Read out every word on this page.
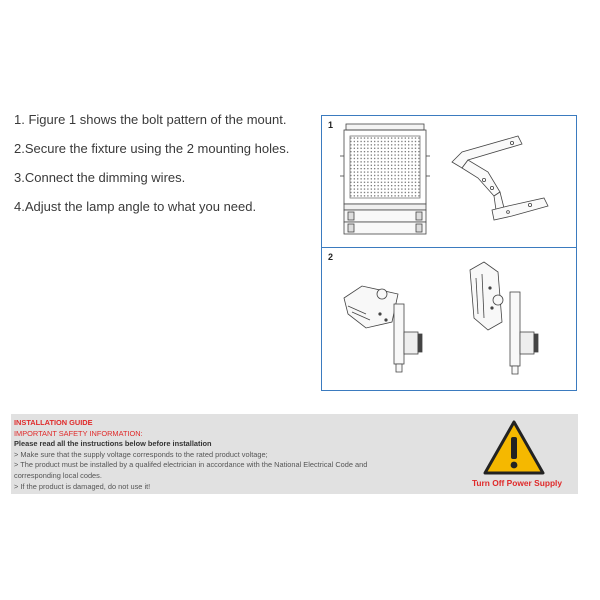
1. Figure 1 shows the bolt pattern of the mount.

2.Secure the fixture using the 2 mounting holes.

3.Connect the dimming wires.

4.Adjust the lamp angle to what you need.

1
2
INSTALLATION GUIDE
IMPORTANT SAFETY INFORMATION:
Please read all the instructions below before installation
> Make sure that the supply voltage corresponds to the rated product voltage;
> The product must be installed by a qualifed electrician in accordance with the National Electrical Code and corresponding local codes.
> If the product is damaged, do not use it!	Turn Off Power Supply
